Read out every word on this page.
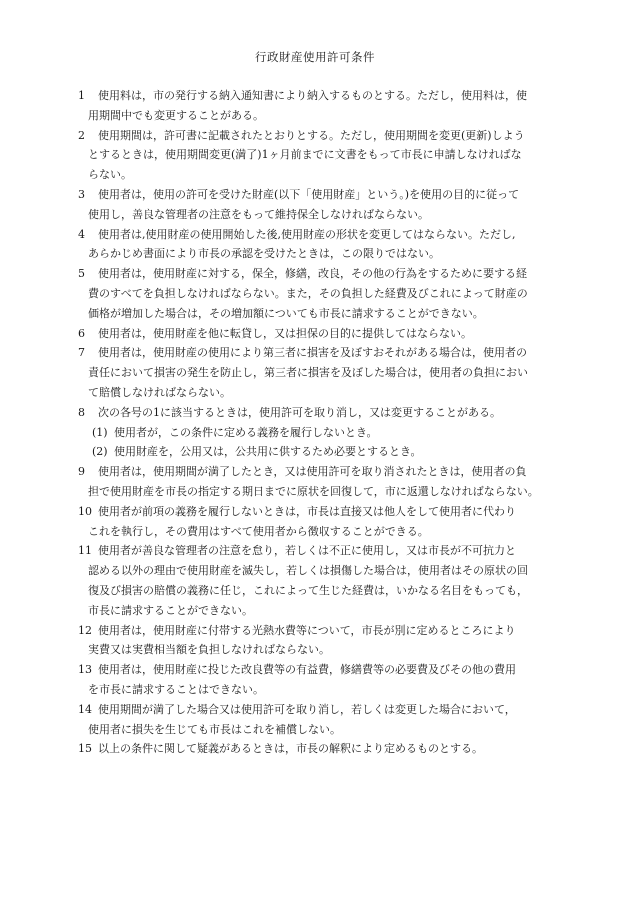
行政財産使用許可条件
1	使用料は，市の発行する納入通知書により納入するものとする。ただし，使用料は，使
用期間中でも変更することがある。
2	使用期間は，許可書に記載されたとおりとする。ただし，使用期間を変更(更新)しよう
とするときは，使用期間変更(満了)1ヶ月前までに文書をもって市長に申請しなければな
らない。
3	使用者は，使用の許可を受けた財産(以下「使用財産」という。)を使用の目的に従って
使用し，善良な管理者の注意をもって維持保全しなければならない。
4	使用者は,使用財産の使用開始した後,使用財産の形状を変更してはならない。ただし,
あらかじめ書面により市長の承認を受けたときは，この限りではない。
5	使用者は，使用財産に対する，保全，修繕，改良，その他の行為をするために要する経
費のすべてを負担しなければならない。また，その負担した経費及びこれによって財産の
価格が増加した場合は，その増加額についても市長に請求することができない。
6	使用者は，使用財産を他に転貸し，又は担保の目的に提供してはならない。
7	使用者は，使用財産の使用により第三者に損害を及ぼすおそれがある場合は，使用者の
責任において損害の発生を防止し，第三者に損害を及ぼした場合は，使用者の負担におい
て賠償しなければならない。
8	次の各号の1に該当するときは，使用許可を取り消し，又は変更することがある。
(1) 使用者が，この条件に定める義務を履行しないとき。
(2) 使用財産を，公用又は，公共用に供するため必要とするとき。
9	使用者は，使用期間が満了したとき，又は使用許可を取り消されたときは，使用者の負
担で使用財産を市長の指定する期日までに原状を回復して，市に返還しなければならない。
10 使用者が前項の義務を履行しないときは，市長は直接又は他人をして使用者に代わり
これを執行し，その費用はすべて使用者から徴収することができる。
11 使用者が善良な管理者の注意を怠り，若しくは不正に使用し，又は市長が不可抗力と
認める以外の理由で使用財産を滅失し，若しくは損傷した場合は，使用者はその原状の回
復及び損害の賠償の義務に任じ，これによって生じた経費は，いかなる名目をもっても，
市長に請求することができない。
12 使用者は，使用財産に付帯する光熱水費等について，市長が別に定めるところにより
実費又は実費相当額を負担しなければならない。
13 使用者は，使用財産に投じた改良費等の有益費，修繕費等の必要費及びその他の費用
を市長に請求することはできない。
14 使用期間が満了した場合又は使用許可を取り消し，若しくは変更した場合において，
使用者に損失を生じても市長はこれを補償しない。
15 以上の条件に関して疑義があるときは，市長の解釈により定めるものとする。
